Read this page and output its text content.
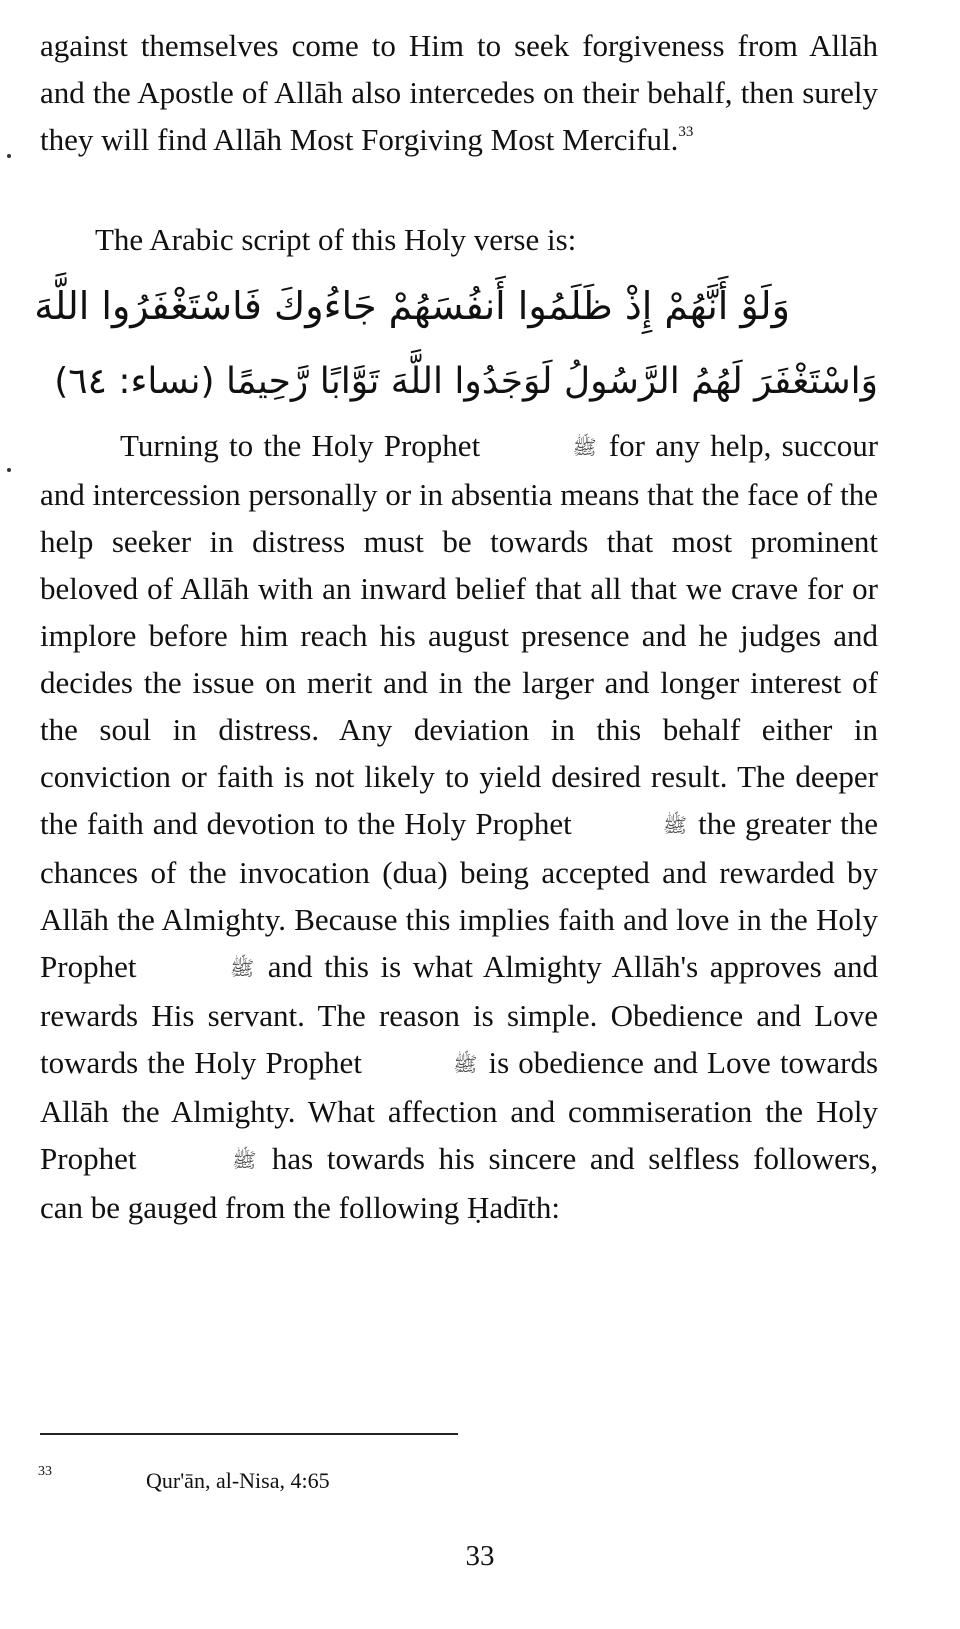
against themselves come to Him to seek forgiveness from Allāh and the Apostle of Allāh also intercedes on their behalf, then surely they will find Allāh Most Forgiving Most Merciful.$^{33}$

The Arabic script of this Holy verse is:

وَلَوْ أَنَّهُمْ إِذْ ظَلَمُوا أَنفُسَهُمْ جَاءُوكَ فَاسْتَغْفَرُوا اللَّهَ
وَاسْتَغْفَرَ لَهُمُ الرَّسُولُ لَوَجَدُوا اللَّهَ تَوَّابًا رَّحِيمًا (نساء: ٦٤)

Turning to the Holy Prophet	ﷺ for any help, succour and intercession personally or in absentia means that the face of the help seeker in distress must be towards that most prominent beloved of Allāh with an inward belief that all that we crave for or implore before him reach his august presence and he judges and decides the issue on merit and in the larger and longer interest of the soul in distress. Any deviation in this behalf either in conviction or faith is not likely to yield desired result. The deeper the faith and devotion to the Holy Prophet	ﷺ the greater the chances of the invocation (dua) being accepted and rewarded by Allāh the Almighty. Because this implies faith and love in the Holy Prophet	ﷺ and this is what Almighty Allāh's approves and rewards His servant. The reason is simple. Obedience and Love towards the Holy Prophet	ﷺ is obedience and Love towards Allāh the Almighty. What affection and commiseration the Holy Prophet	ﷺ has towards his sincere and selfless followers, can be gauged from the following Ḥadīth:

33	Qur'ān, al-Nisa, 4:65
33
